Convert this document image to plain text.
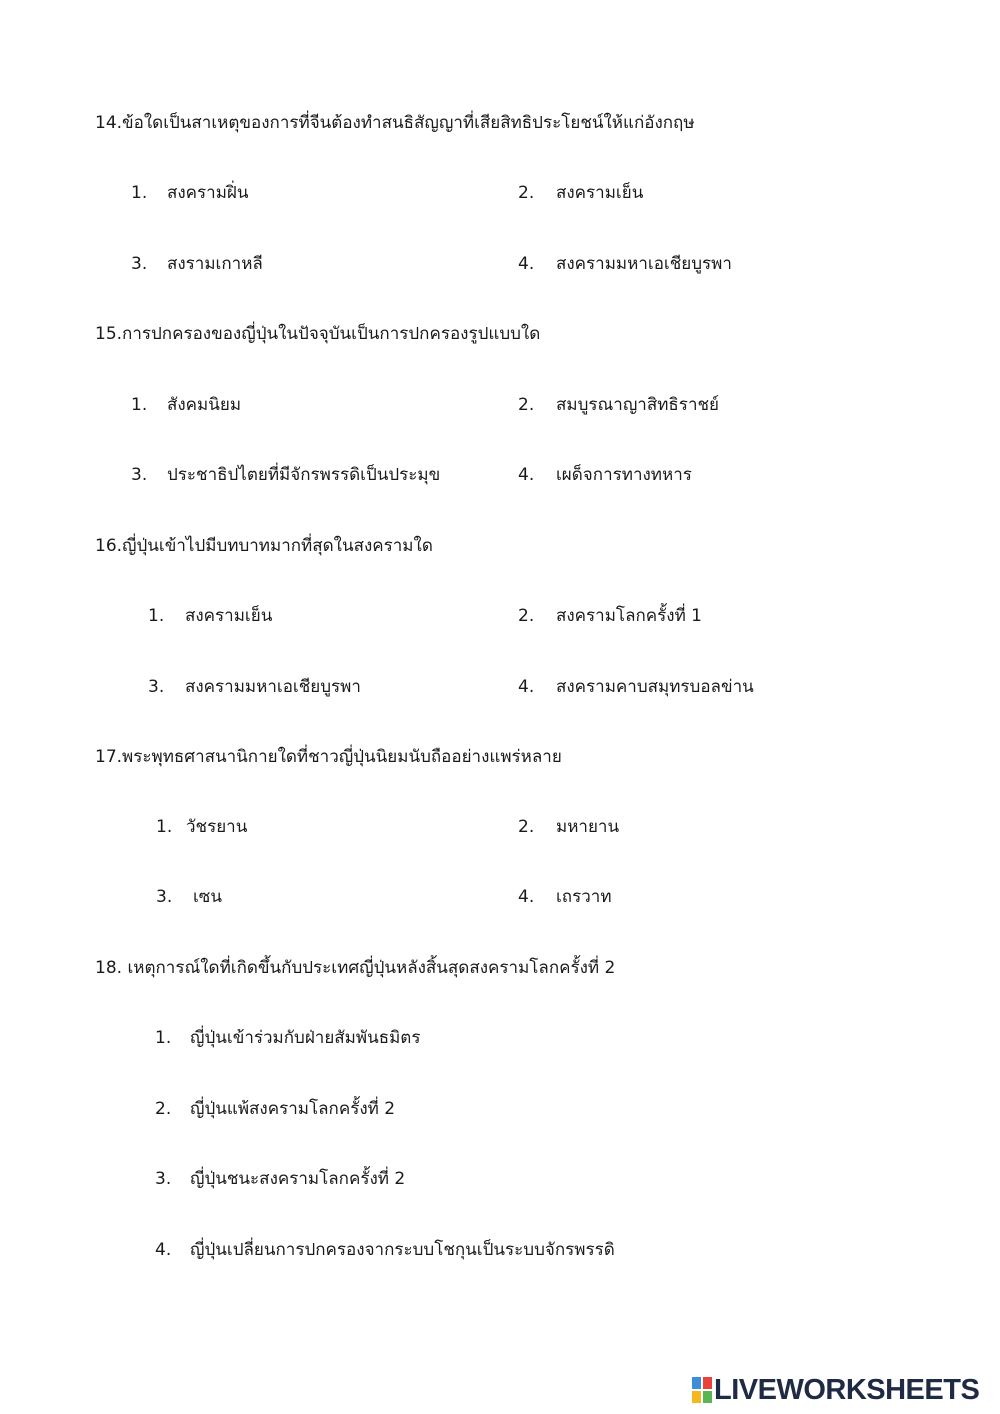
14.ข้อใดเป็นสาเหตุของการที่จีนต้องทำสนธิสัญญาที่เสียสิทธิประโยชน์ให้แก่อังกฤษ
1. สงครามฝิ่น	2. สงครามเย็น
3. สงรามเกาหลี	4. สงครามมหาเอเชียบูรพา
15.การปกครองของญี่ปุ่นในปัจจุบันเป็นการปกครองรูปแบบใด
1. สังคมนิยม	2. สมบูรณาญาสิทธิราชย์
3. ประชาธิปไตยที่มีจักรพรรดิเป็นประมุข	4. เผด็จการทางทหาร
16.ญี่ปุ่นเข้าไปมีบทบาทมากที่สุดในสงครามใด
1. สงครามเย็น	2. สงครามโลกครั้งที่ 1
3. สงครามมหาเอเชียบูรพา	4. สงครามคาบสมุทรบอลข่าน
17.พระพุทธศาสนานิกายใดที่ชาวญี่ปุ่นนิยมนับถืออย่างแพร่หลาย
1. วัชรยาน	2. มหายาน
3. เซน	4. เถรวาท
18. เหตุการณ์ใดที่เกิดขึ้นกับประเทศญี่ปุ่นหลังสิ้นสุดสงครามโลกครั้งที่ 2
1. ญี่ปุ่นเข้าร่วมกับฝ่ายสัมพันธมิตร
2. ญี่ปุ่นแพ้สงครามโลกครั้งที่ 2
3. ญี่ปุ่นชนะสงครามโลกครั้งที่ 2
4. ญี่ปุ่นเปลี่ยนการปกครองจากระบบโชกุนเป็นระบบจักรพรรดิ
LIVEWORKSHEETS
